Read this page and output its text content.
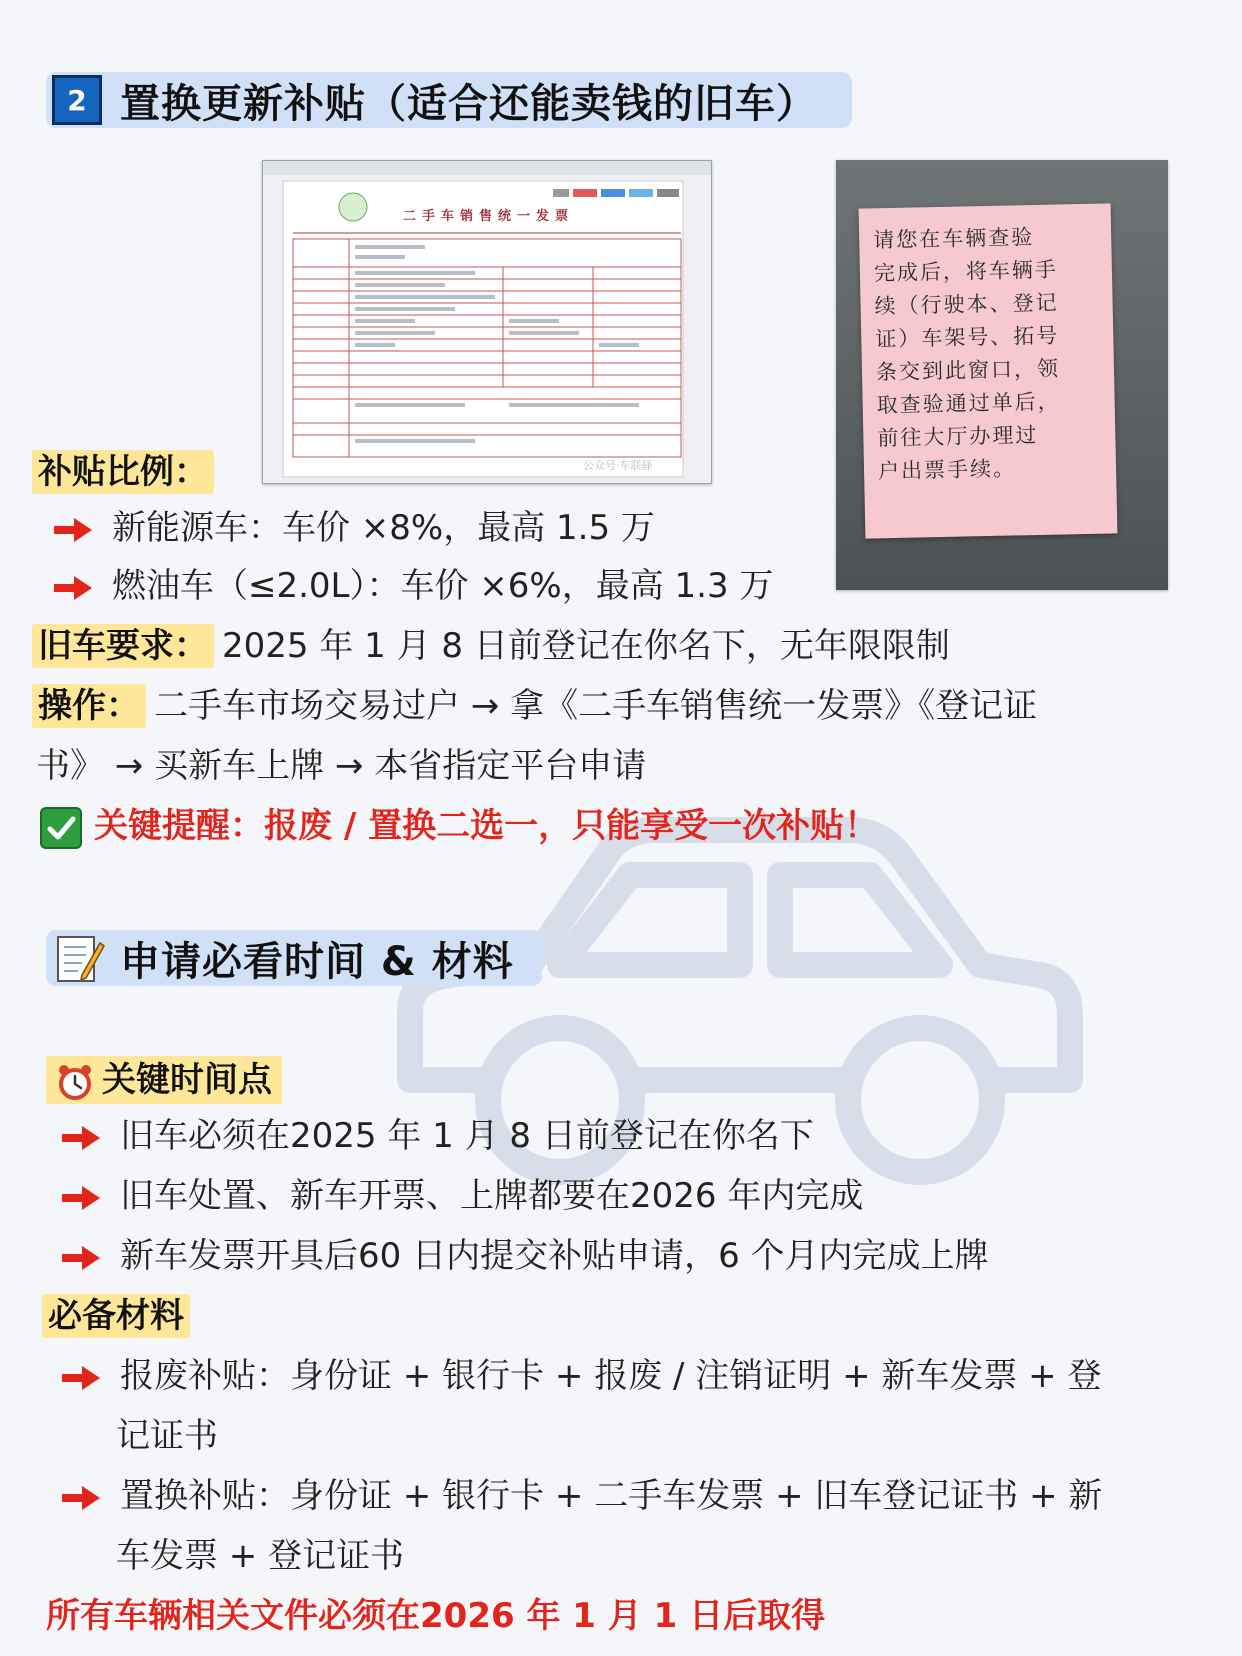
2 置换更新补贴（适合还能卖钱的旧车）
二手车销售统一发票
公众号·车联驿
请您在车辆查验
完成后，将车辆手
续（行驶本、登记
证）车架号、拓号
条交到此窗口，领
取查验通过单后，
前往大厅办理过
户出票手续。
补贴比例：
新能源车：车价 ×8%，最高 1.5 万
燃油车（≤2.0L）：车价 ×6%，最高 1.3 万
旧车要求： 2025 年 1 月 8 日前登记在你名下，无年限限制
操作： 二手车市场交易过户 → 拿《二手车销售统一发票》《登记证
书》 → 买新车上牌 → 本省指定平台申请
关键提醒：报废 / 置换二选一，只能享受一次补贴！
申请必看时间 & 材料
关键时间点
旧车必须在2025 年 1 月 8 日前登记在你名下
旧车处置、新车开票、上牌都要在2026 年内完成
新车发票开具后60 日内提交补贴申请，6 个月内完成上牌
必备材料
报废补贴：身份证 + 银行卡 + 报废 / 注销证明 + 新车发票 + 登
记证书
置换补贴：身份证 + 银行卡 + 二手车发票 + 旧车登记证书 + 新
车发票 + 登记证书
所有车辆相关文件必须在2026 年 1 月 1 日后取得
